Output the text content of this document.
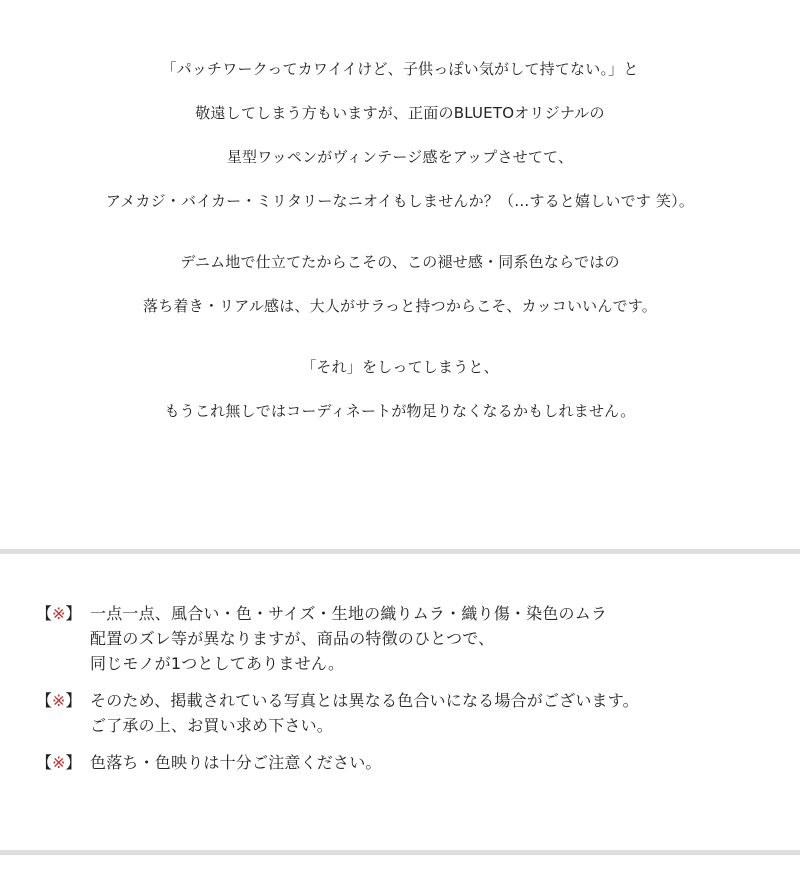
「パッチワークってカワイイけど、子供っぽい気がして持てない。」と
敬遠してしまう方もいますが、正面のBLUETOオリジナルの
星型ワッペンがヴィンテージ感をアップさせてて、
アメカジ・バイカー・ミリタリーなニオイもしませんか？（…すると嬉しいです 笑）。
デニム地で仕立てたからこその、この褪せ感・同系色ならではの
落ち着き・リアル感は、大人がサラっと持つからこそ、カッコいいんです。
「それ」をしってしまうと、
もうこれ無しではコーディネートが物足りなくなるかもしれません。
【※】 一点一点、風合い・色・サイズ・生地の織りムラ・織り傷・染色のムラ
配置のズレ等が異なりますが、商品の特徴のひとつで、
同じモノが1つとしてありません。
【※】 そのため、掲載されている写真とは異なる色合いになる場合がございます。
ご了承の上、お買い求め下さい。
【※】 色落ち・色映りは十分ご注意ください。
